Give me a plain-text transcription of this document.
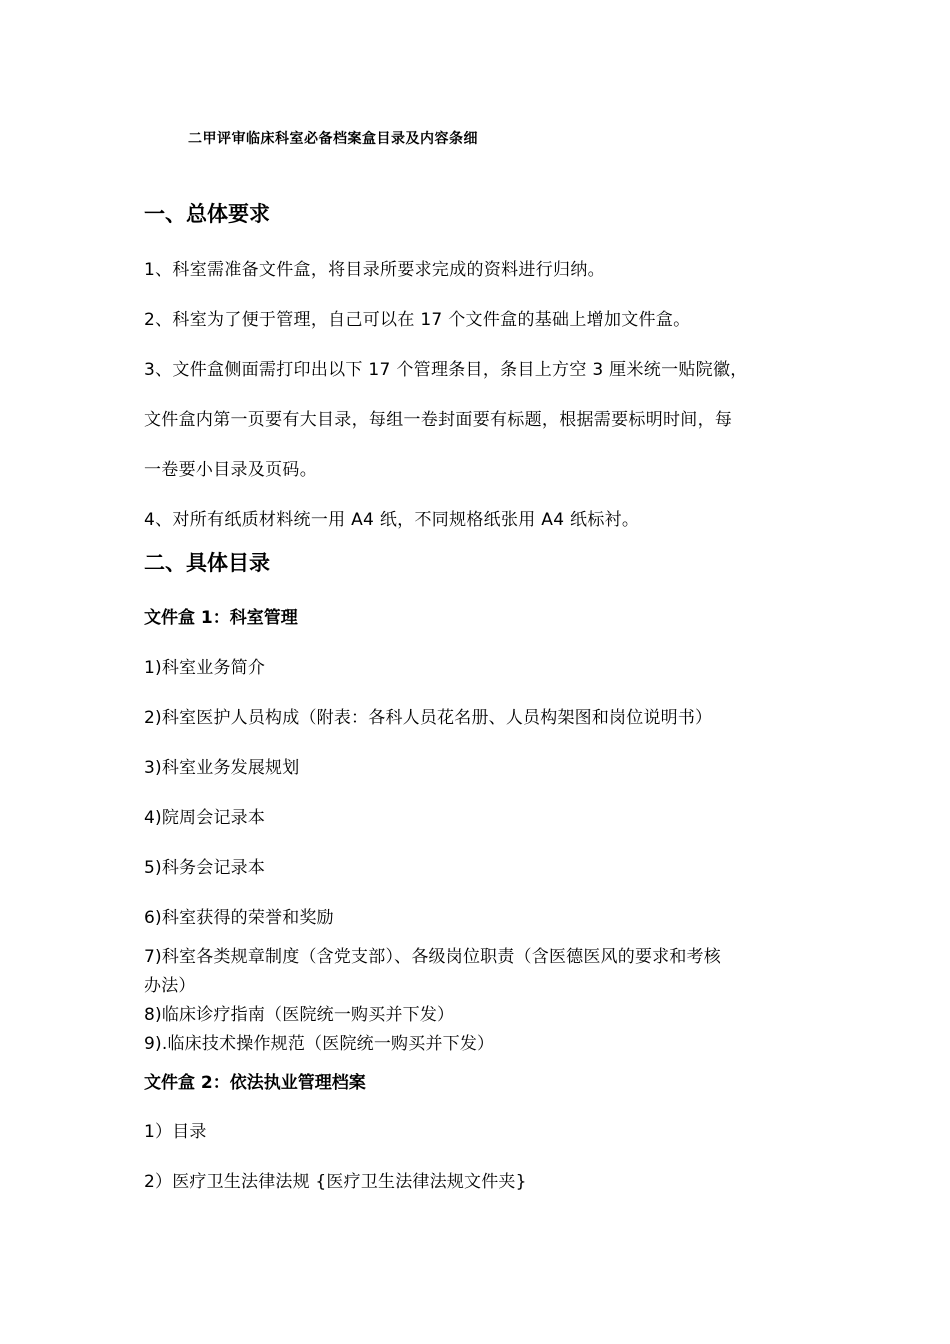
二甲评审临床科室必备档案盒目录及内容条细
一、总体要求

1、科室需准备文件盒，将目录所要求完成的资料进行归纳。

2、科室为了便于管理，自己可以在 17 个文件盒的基础上增加文件盒。

3、文件盒侧面需打印出以下 17 个管理条目，条目上方空 3 厘米统一贴院徽，

文件盒内第一页要有大目录，每组一卷封面要有标题，根据需要标明时间，每

一卷要小目录及页码。

4、对所有纸质材料统一用 A4 纸，不同规格纸张用 A4 纸标衬。

二、具体目录
文件盒 1：科室管理

1)科室业务简介

2)科室医护人员构成（附表：各科人员花名册、人员构架图和岗位说明书）

3)科室业务发展规划

4)院周会记录本

5)科务会记录本

6)科室获得的荣誉和奖励

7)科室各类规章制度（含党支部）、各级岗位职责（含医德医风的要求和考核

办法）

8)临床诊疗指南（医院统一购买并下发）

9).临床技术操作规范（医院统一购买并下发）

文件盒 2：依法执业管理档案

1）目录

2）医疗卫生法律法规 {医疗卫生法律法规文件夹}
